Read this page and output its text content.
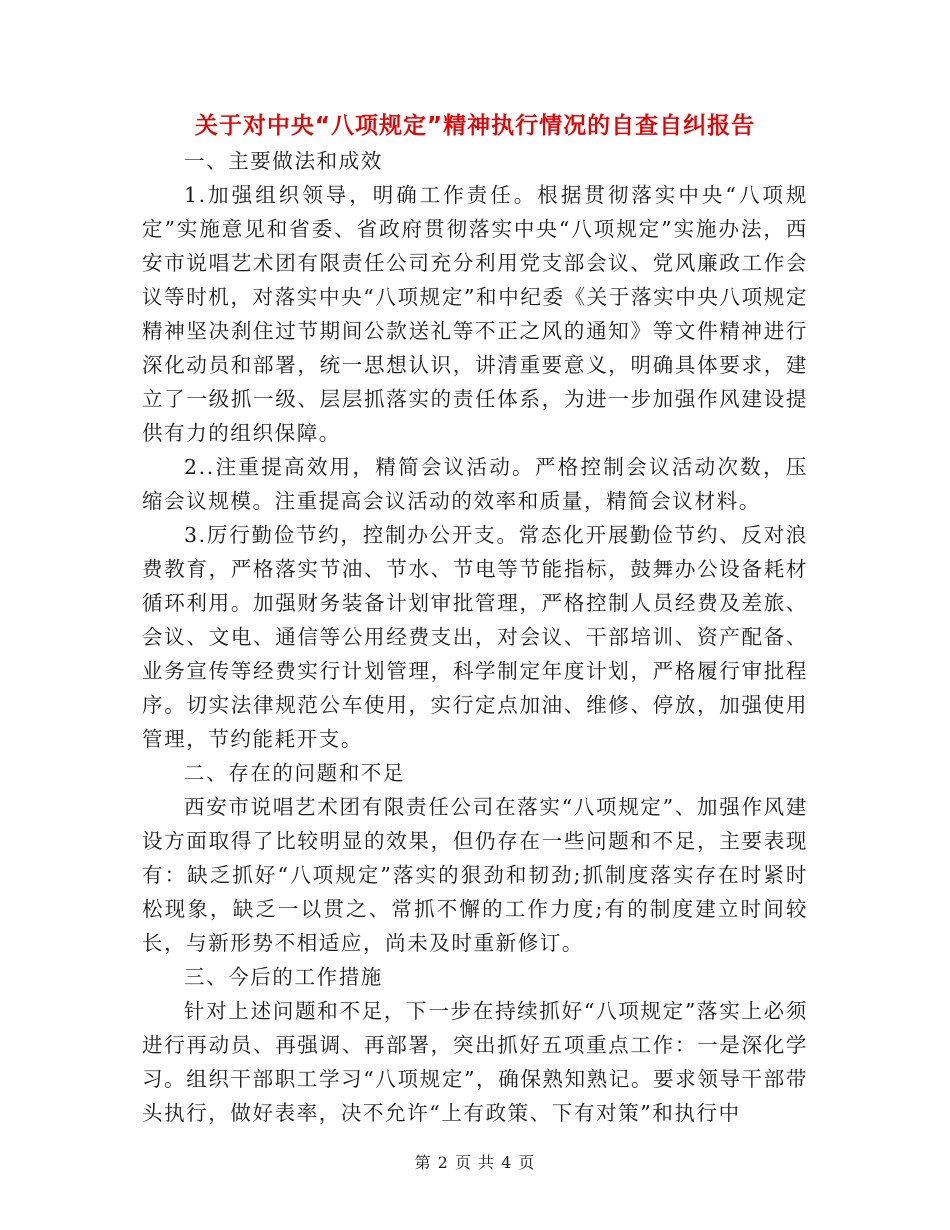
关于对中央“八项规定”精神执行情况的自查自纠报告

一、主要做法和成效

1.加强组织领导，明确工作责任。根据贯彻落实中央“八项规定”实施意见和省委、省政府贯彻落实中央“八项规定”实施办法，西安市说唱艺术团有限责任公司充分利用党支部会议、党风廉政工作会议等时机，对落实中央“八项规定”和中纪委《关于落实中央八项规定精神坚决刹住过节期间公款送礼等不正之风的通知》等文件精神进行深化动员和部署，统一思想认识，讲清重要意义，明确具体要求，建立了一级抓一级、层层抓落实的责任体系，为进一步加强作风建设提供有力的组织保障。

2..注重提高效用，精简会议活动。严格控制会议活动次数，压缩会议规模。注重提高会议活动的效率和质量，精简会议材料。

3.厉行勤俭节约，控制办公开支。常态化开展勤俭节约、反对浪费教育，严格落实节油、节水、节电等节能指标，鼓舞办公设备耗材循环利用。加强财务装备计划审批管理，严格控制人员经费及差旅、会议、文电、通信等公用经费支出，对会议、干部培训、资产配备、业务宣传等经费实行计划管理，科学制定年度计划，严格履行审批程序。切实法律规范公车使用，实行定点加油、维修、停放，加强使用管理，节约能耗开支。

二、存在的问题和不足

西安市说唱艺术团有限责任公司在落实“八项规定”、加强作风建设方面取得了比较明显的效果，但仍存在一些问题和不足，主要表现有：缺乏抓好“八项规定”落实的狠劲和韧劲;抓制度落实存在时紧时松现象，缺乏一以贯之、常抓不懈的工作力度;有的制度建立时间较长，与新形势不相适应，尚未及时重新修订。

三、今后的工作措施

针对上述问题和不足，下一步在持续抓好“八项规定”落实上必须进行再动员、再强调、再部署，突出抓好五项重点工作：一是深化学习。组织干部职工学习“八项规定”，确保熟知熟记。要求领导干部带头执行，做好表率，决不允许“上有政策、下有对策”和执行中

第 2 页 共 4 页
